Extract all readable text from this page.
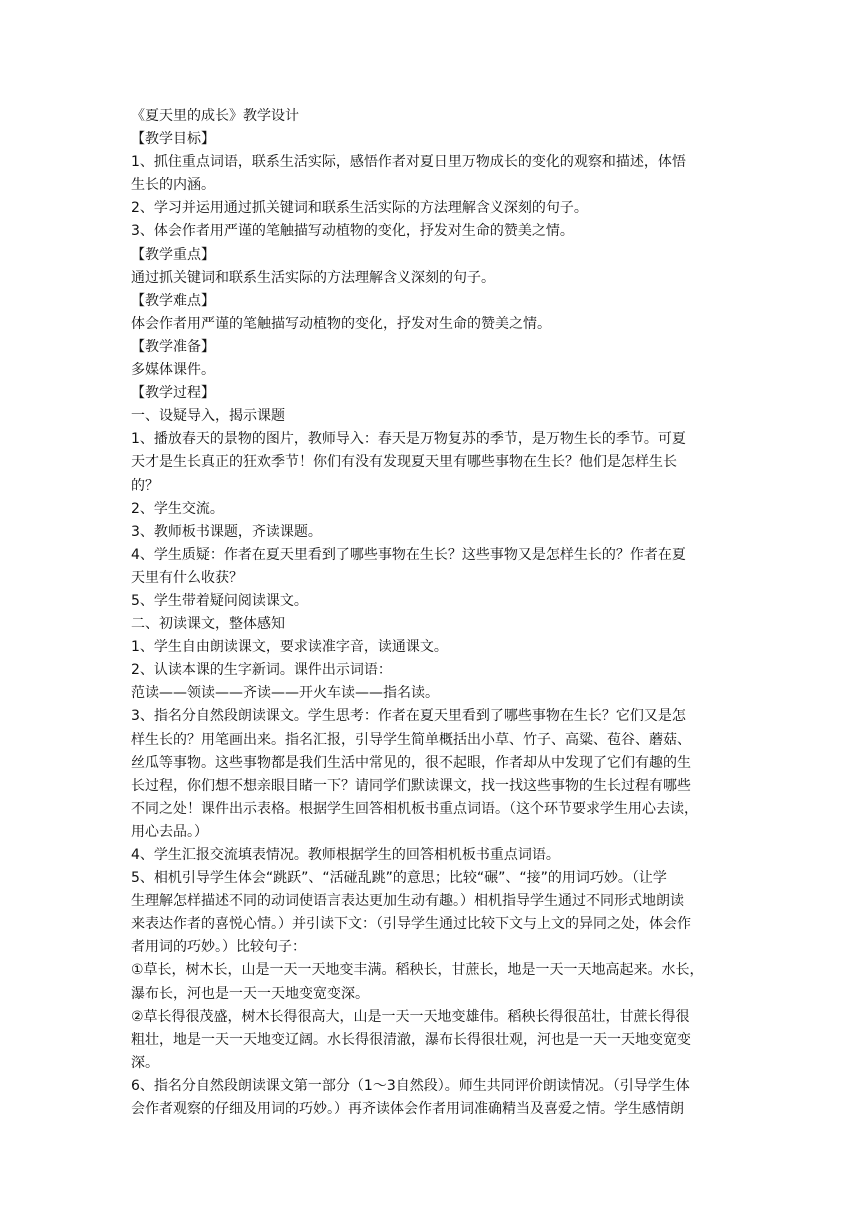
《夏天里的成长》教学设计
【教学目标】
1、抓住重点词语，联系生活实际，感悟作者对夏日里万物成长的变化的观察和描述，体悟
生长的内涵。
2、学习并运用通过抓关键词和联系生活实际的方法理解含义深刻的句子。
3、体会作者用严谨的笔触描写动植物的变化，抒发对生命的赞美之情。
【教学重点】
通过抓关键词和联系生活实际的方法理解含义深刻的句子。
【教学难点】
体会作者用严谨的笔触描写动植物的变化，抒发对生命的赞美之情。
【教学准备】
多媒体课件。
【教学过程】
一、设疑导入，揭示课题
1、播放春天的景物的图片，教师导入：春天是万物复苏的季节，是万物生长的季节。可夏
天才是生长真正的狂欢季节！你们有没有发现夏天里有哪些事物在生长？他们是怎样生长
的？
2、学生交流。
3、教师板书课题，齐读课题。
4、学生质疑：作者在夏天里看到了哪些事物在生长？这些事物又是怎样生长的？作者在夏
天里有什么收获？
5、学生带着疑问阅读课文。
二、初读课文，整体感知
1、学生自由朗读课文，要求读准字音，读通课文。
2、认读本课的生字新词。课件出示词语：
范读——领读——齐读——开火车读——指名读。
3、指名分自然段朗读课文。学生思考：作者在夏天里看到了哪些事物在生长？它们又是怎
样生长的？用笔画出来。指名汇报，引导学生简单概括出小草、竹子、高粱、苞谷、蘑菇、
丝瓜等事物。这些事物都是我们生活中常见的，很不起眼，作者却从中发现了它们有趣的生
长过程，你们想不想亲眼目睹一下？请同学们默读课文，找一找这些事物的生长过程有哪些
不同之处！课件出示表格。根据学生回答相机板书重点词语。（这个环节要求学生用心去读，
用心去品。）
4、学生汇报交流填表情况。教师根据学生的回答相机板书重点词语。
5、相机引导学生体会“跳跃”、“活碰乱跳”的意思；比较“碾”、“接”的用词巧妙。（让学
生理解怎样描述不同的动词使语言表达更加生动有趣。）相机指导学生通过不同形式地朗读
来表达作者的喜悦心情。）并引读下文：（引导学生通过比较下文与上文的异同之处，体会作
者用词的巧妙。）比较句子：
①草长，树木长，山是一天一天地变丰满。稻秧长，甘蔗长，地是一天一天地高起来。水长，
瀑布长，河也是一天一天地变宽变深。
②草长得很茂盛，树木长得很高大，山是一天一天地变雄伟。稻秧长得很茁壮，甘蔗长得很
粗壮，地是一天一天地变辽阔。水长得很清澈，瀑布长得很壮观，河也是一天一天地变宽变
深。
6、指名分自然段朗读课文第一部分（1～3自然段）。师生共同评价朗读情况。（引导学生体
会作者观察的仔细及用词的巧妙。）再齐读体会作者用词准确精当及喜爱之情。学生感情朗
